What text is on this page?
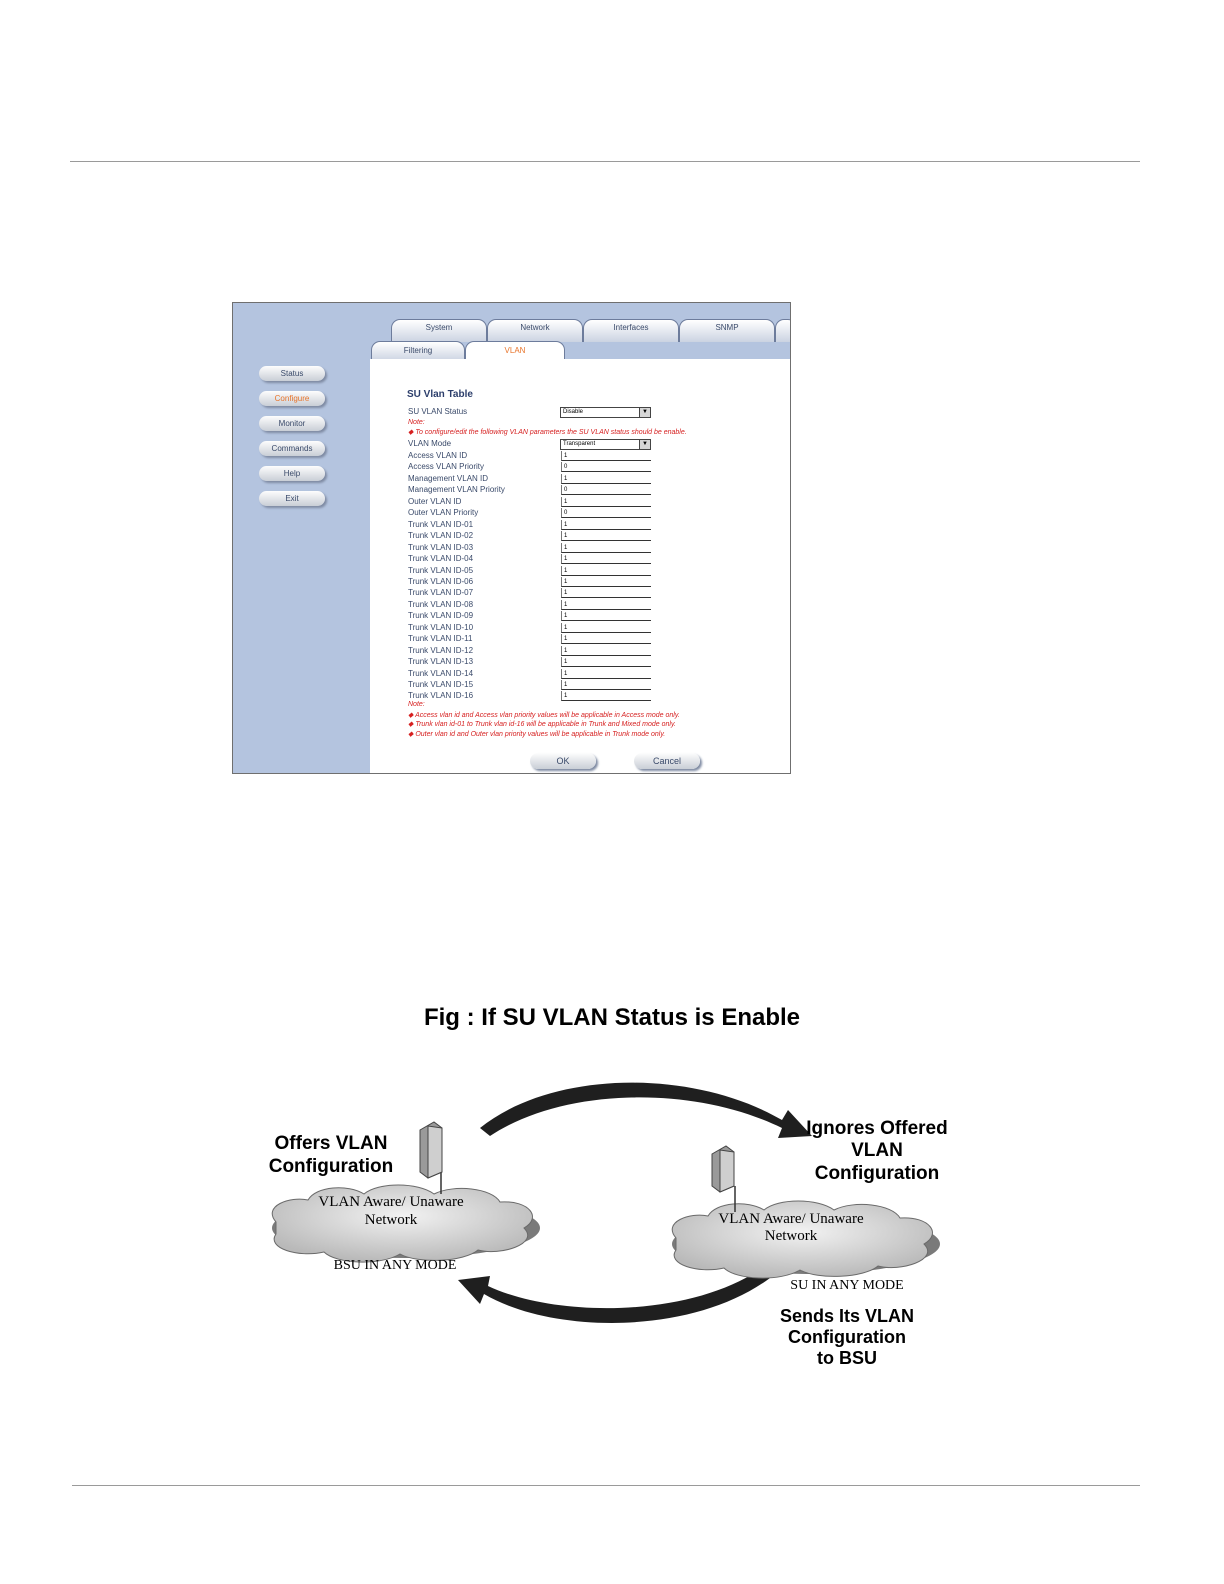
Status
Configure
Monitor
Commands
Help
Exit
System	Network	Interfaces	SNMP
Filtering	VLAN
SU Vlan Table
SU VLAN Status	Disable	▼
Note:
◆ To configure/edit the following VLAN parameters the SU VLAN status should be enable.
VLAN Mode	Transparent	▼
Access VLAN ID	1
Access VLAN Priority	0
Management VLAN ID	1
Management VLAN Priority	0
Outer VLAN ID	1
Outer VLAN Priority	0
Trunk VLAN ID-01	1
Trunk VLAN ID-02	1
Trunk VLAN ID-03	1
Trunk VLAN ID-04	1
Trunk VLAN ID-05	1
Trunk VLAN ID-06	1
Trunk VLAN ID-07	1
Trunk VLAN ID-08	1
Trunk VLAN ID-09	1
Trunk VLAN ID-10	1
Trunk VLAN ID-11	1
Trunk VLAN ID-12	1
Trunk VLAN ID-13	1
Trunk VLAN ID-14	1
Trunk VLAN ID-15	1
Trunk VLAN ID-16	1
Note:
◆ Access vlan id and Access vlan priority values will be applicable in Access mode only.
◆ Trunk vlan id-01 to Trunk vlan id-16 will be applicable in Trunk and Mixed mode only.
◆ Outer vlan id and Outer vlan priority values will be applicable in Trunk mode only.
OK	Cancel
Fig : If SU VLAN Status is Enable
Offers VLAN
Configuration
VLAN Aware/ Unaware
Network
BSU IN ANY MODE
Ignores Offered
VLAN
Configuration
VLAN Aware/ Unaware
Network
SU IN ANY MODE
Sends Its VLAN
Configuration
to BSU
